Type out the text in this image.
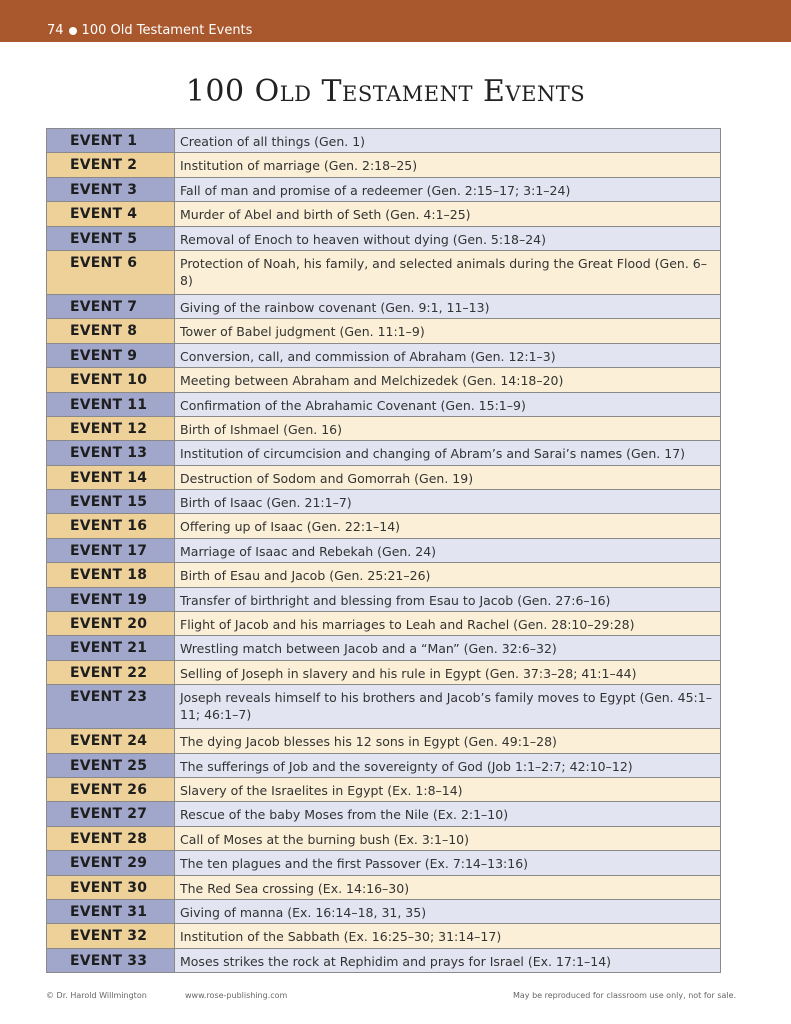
74 100 Old Testament Events
100 Old Testament Events
EVENT 1	Creation of all things (Gen. 1)
EVENT 2	Institution of marriage (Gen. 2:18–25)
EVENT 3	Fall of man and promise of a redeemer (Gen. 2:15–17; 3:1–24)
EVENT 4	Murder of Abel and birth of Seth (Gen. 4:1–25)
EVENT 5	Removal of Enoch to heaven without dying (Gen. 5:18–24)
EVENT 6	Protection of Noah, his family, and selected animals during the Great Flood (Gen. 6–8)
EVENT 7	Giving of the rainbow covenant (Gen. 9:1, 11–13)
EVENT 8	Tower of Babel judgment (Gen. 11:1–9)
EVENT 9	Conversion, call, and commission of Abraham (Gen. 12:1–3)
EVENT 10	Meeting between Abraham and Melchizedek (Gen. 14:18–20)
EVENT 11	Confirmation of the Abrahamic Covenant (Gen. 15:1–9)
EVENT 12	Birth of Ishmael (Gen. 16)
EVENT 13	Institution of circumcision and changing of Abram’s and Sarai’s names (Gen. 17)
EVENT 14	Destruction of Sodom and Gomorrah (Gen. 19)
EVENT 15	Birth of Isaac (Gen. 21:1–7)
EVENT 16	Offering up of Isaac (Gen. 22:1–14)
EVENT 17	Marriage of Isaac and Rebekah (Gen. 24)
EVENT 18	Birth of Esau and Jacob (Gen. 25:21–26)
EVENT 19	Transfer of birthright and blessing from Esau to Jacob (Gen. 27:6–16)
EVENT 20	Flight of Jacob and his marriages to Leah and Rachel (Gen. 28:10–29:28)
EVENT 21	Wrestling match between Jacob and a “Man” (Gen. 32:6–32)
EVENT 22	Selling of Joseph in slavery and his rule in Egypt (Gen. 37:3–28; 41:1–44)
EVENT 23	Joseph reveals himself to his brothers and Jacob’s family moves to Egypt (Gen. 45:1–11; 46:1–7)
EVENT 24	The dying Jacob blesses his 12 sons in Egypt (Gen. 49:1–28)
EVENT 25	The sufferings of Job and the sovereignty of God (Job 1:1–2:7; 42:10–12)
EVENT 26	Slavery of the Israelites in Egypt (Ex. 1:8–14)
EVENT 27	Rescue of the baby Moses from the Nile (Ex. 2:1–10)
EVENT 28	Call of Moses at the burning bush (Ex. 3:1–10)
EVENT 29	The ten plagues and the first Passover (Ex. 7:14–13:16)
EVENT 30	The Red Sea crossing (Ex. 14:16–30)
EVENT 31	Giving of manna (Ex. 16:14–18, 31, 35)
EVENT 32	Institution of the Sabbath (Ex. 16:25–30; 31:14–17)
EVENT 33	Moses strikes the rock at Rephidim and prays for Israel (Ex. 17:1–14)
© Dr. Harold Willmington	www.rose-publishing.com	May be reproduced for classroom use only, not for sale.
